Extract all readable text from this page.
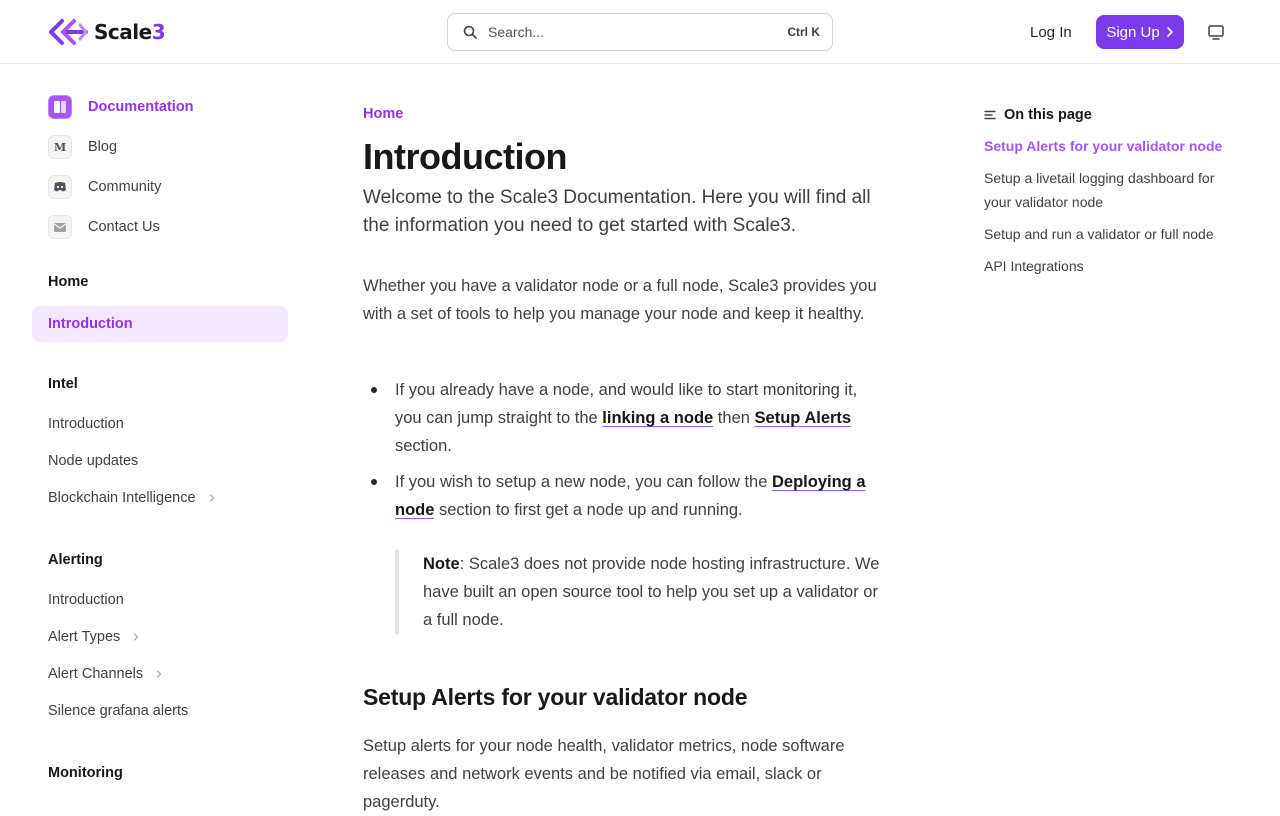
Scale3
Search...	Ctrl K	Log In	Sign Up
Documentation
M Blog
Community
Contact Us
Home
Introduction
Intel
Introduction
Node updates
Blockchain Intelligence
Alerting
Introduction
Alert Types
Alert Channels
Silence grafana alerts
Monitoring
Home
Introduction

Welcome to the Scale3 Documentation. Here you will find all the information you need to get started with Scale3.

Whether you have a validator node or a full node, Scale3 provides you with a set of tools to help you manage your node and keep it healthy.

If you already have a node, and would like to start monitoring it, you can jump straight to the linking a node then Setup Alerts section.
If you wish to setup a new node, you can follow the Deploying a node section to first get a node up and running.
Note: Scale3 does not provide node hosting infrastructure. We have built an open source tool to help you set up a validator or a full node.
Setup Alerts for your validator node

Setup alerts for your node health, validator metrics, node software releases and network events and be notified via email, slack or pagerduty.

On this page
Setup Alerts for your validator node
Setup a livetail logging dashboard for your validator node
Setup and run a validator or full node
API Integrations
